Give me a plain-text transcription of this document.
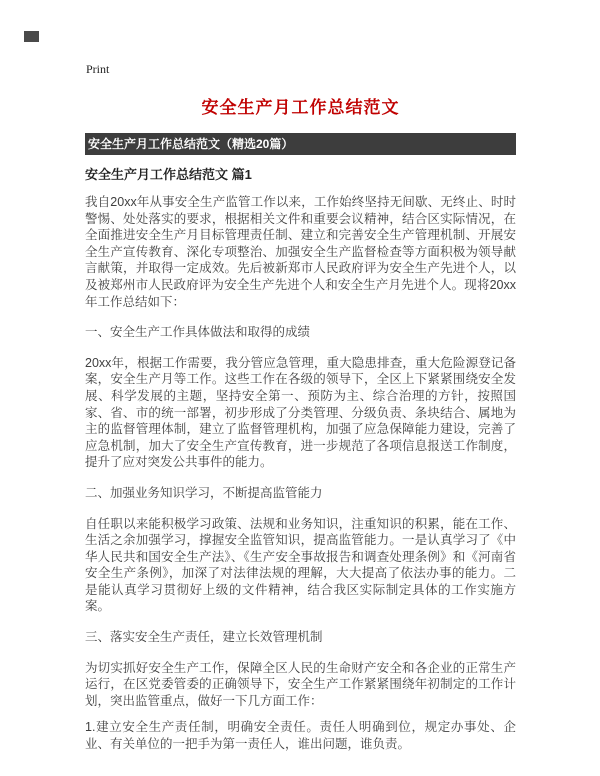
Print
安全生产月工作总结范文
安全生产月工作总结范文（精选20篇）
安全生产月工作总结范文 篇1

我自20xx年从事安全生产监管工作以来，工作始终坚持无间歇、无终止、时时警惕、处处落实的要求，根据相关文件和重要会议精神，结合区实际情况，在全面推进安全生产月目标管理责任制、建立和完善安全生产管理机制、开展安全生产宣传教育、深化专项整治、加强安全生产监督检查等方面积极为领导献言献策，并取得一定成效。先后被新郑市人民政府评为安全生产先进个人，以及被郑州市人民政府评为安全生产先进个人和安全生产月先进个人。现将20xx年工作总结如下：

一、安全生产工作具体做法和取得的成绩

20xx年，根据工作需要，我分管应急管理，重大隐患排查，重大危险源登记备案，安全生产月等工作。这些工作在各级的领导下，全区上下紧紧围绕安全发展、科学发展的主题，坚持安全第一、预防为主、综合治理的方针，按照国家、省、市的统一部署，初步形成了分类管理、分级负责、条块结合、属地为主的监督管理体制，建立了监督管理机构，加强了应急保障能力建设，完善了应急机制，加大了安全生产宣传教育，进一步规范了各项信息报送工作制度，提升了应对突发公共事件的能力。

二、加强业务知识学习，不断提高监管能力

自任职以来能积极学习政策、法规和业务知识，注重知识的积累，能在工作、生活之余加强学习，撑握安全监管知识，提高监管能力。一是认真学习了《中华人民共和国安全生产法》、《生产安全事故报告和调查处理条例》和《河南省安全生产条例》，加深了对法律法规的理解，大大提高了依法办事的能力。二是能认真学习贯彻好上级的文件精神，结合我区实际制定具体的工作实施方案。

三、落实安全生产责任，建立长效管理机制

为切实抓好安全生产工作，保障全区人民的生命财产安全和各企业的正常生产运行，在区党委管委的正确领导下，安全生产工作紧紧围绕年初制定的工作计划，突出监管重点，做好一下几方面工作：

1.建立安全生产责任制，明确安全责任。责任人明确到位，规定办事处、企业、有关单位的一把手为第一责任人，谁出问题，谁负责。
